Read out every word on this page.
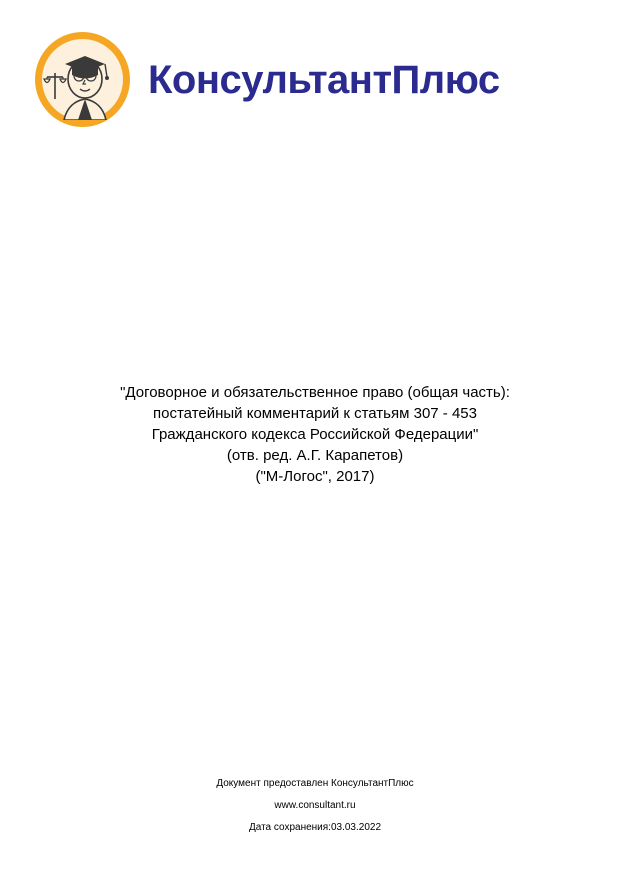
КонсультантПлюс
"Договорное и обязательственное право (общая часть):
постатейный комментарий к статьям 307 - 453
Гражданского кодекса Российской Федерации"
(отв. ред. А.Г. Карапетов)
("М-Логос", 2017)
Документ предоставлен КонсультантПлюс
www.consultant.ru
Дата сохранения:03.03.2022
